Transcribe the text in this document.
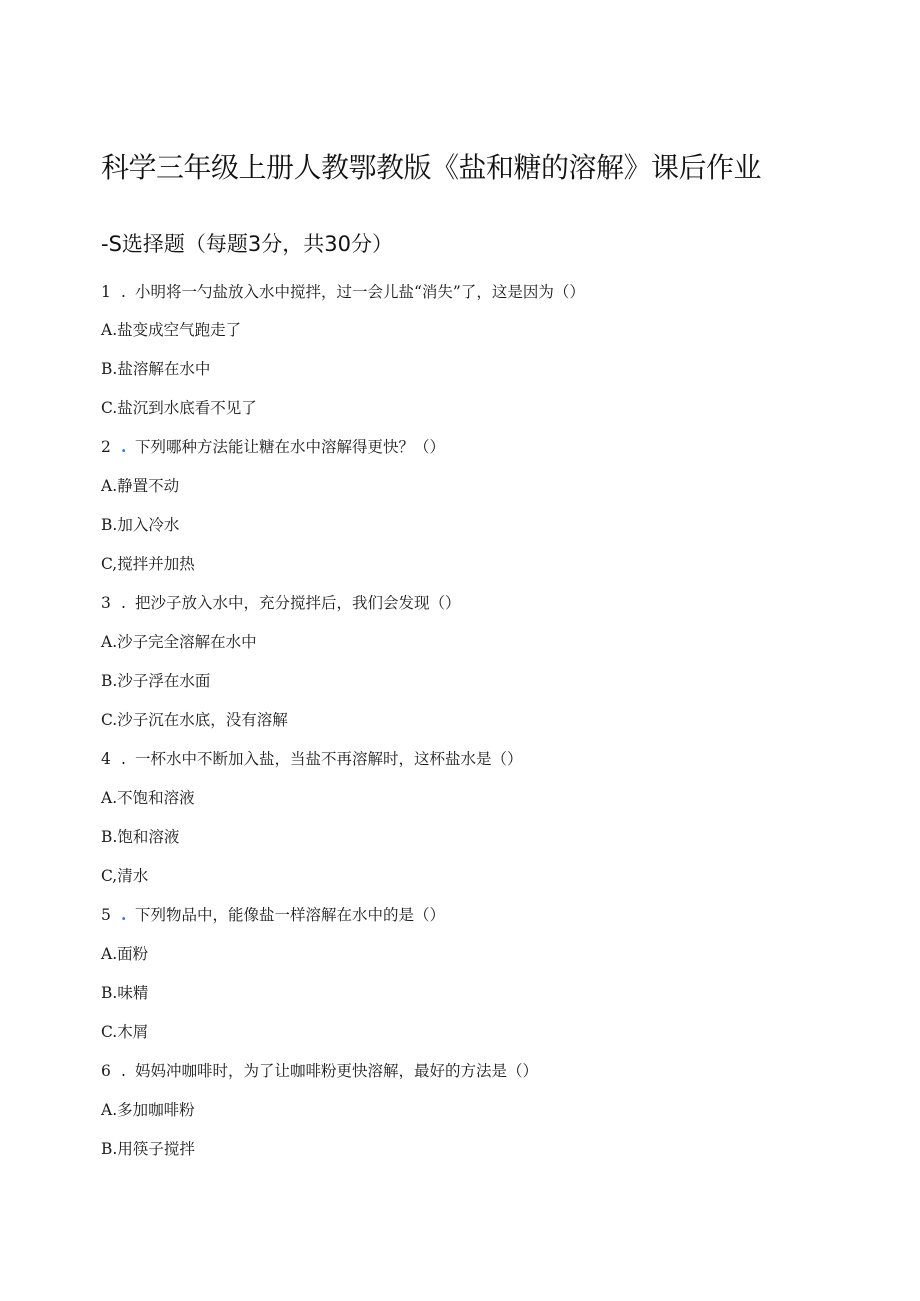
科学三年级上册人教鄂教版《盐和糖的溶解》课后作业
-S选择题（每题3分，共30分）
1 . 小明将一勺盐放入水中搅拌，过一会儿盐“消失”了，这是因为（）
A.盐变成空气跑走了
B.盐溶解在水中
C.盐沉到水底看不见了
2 . 下列哪种方法能让糖在水中溶解得更快？（）
A.静置不动
B.加入冷水
C,搅拌并加热
3 . 把沙子放入水中，充分搅拌后，我们会发现（）
A.沙子完全溶解在水中
B.沙子浮在水面
C.沙子沉在水底，没有溶解
4 . 一杯水中不断加入盐，当盐不再溶解时，这杯盐水是（）
A.不饱和溶液
B.饱和溶液
C,清水
5 . 下列物品中，能像盐一样溶解在水中的是（）
A.面粉
B.味精
C.木屑
6 . 妈妈冲咖啡时，为了让咖啡粉更快溶解，最好的方法是（）
A.多加咖啡粉
B.用筷子搅拌
